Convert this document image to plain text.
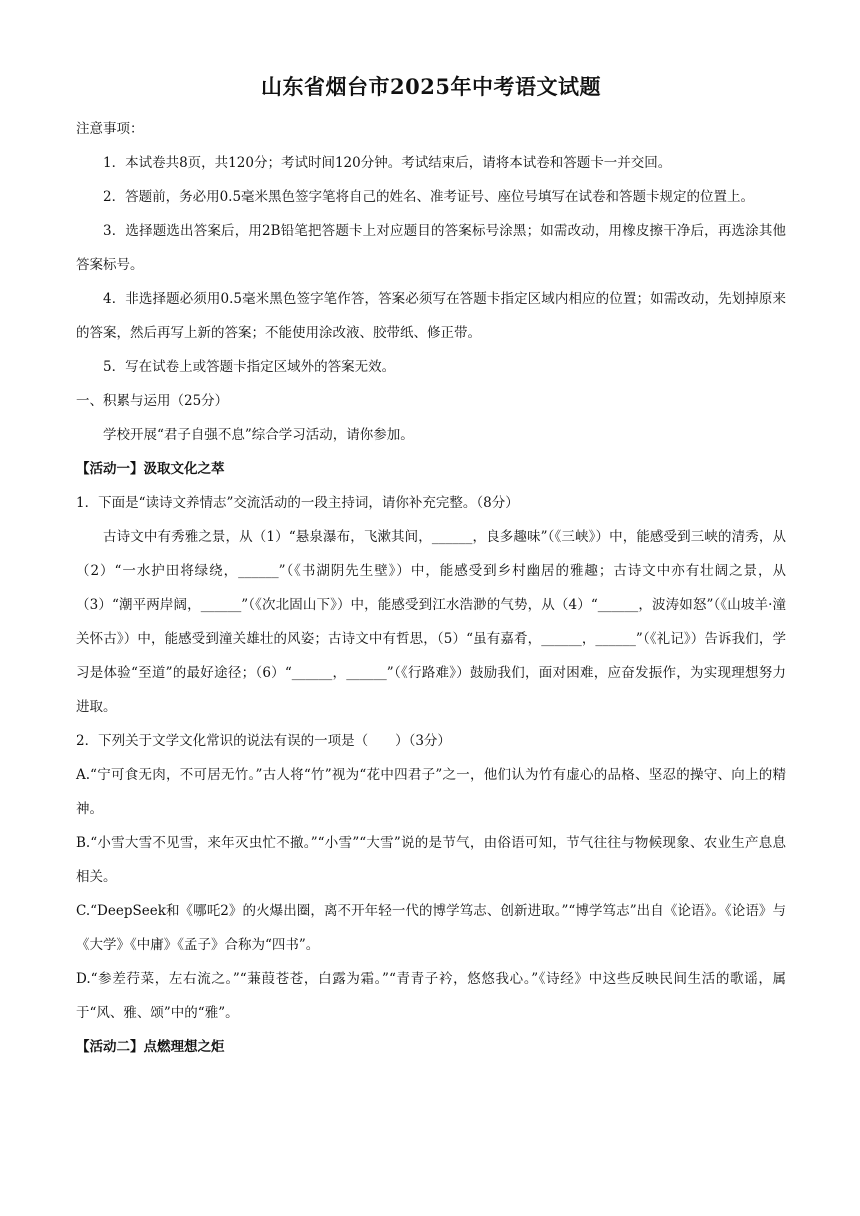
山东省烟台市2025年中考语文试题

注意事项：

1．本试卷共8页，共120分；考试时间120分钟。考试结束后，请将本试卷和答题卡一并交回。

2．答题前，务必用0.5毫米黑色签字笔将自己的姓名、准考证号、座位号填写在试卷和答题卡规定的位置上。

3．选择题选出答案后，用2B铅笔把答题卡上对应题目的答案标号涂黑；如需改动，用橡皮擦干净后，再选涂其他答案标号。

4．非选择题必须用0.5毫米黑色签字笔作答，答案必须写在答题卡指定区域内相应的位置；如需改动，先划掉原来的答案，然后再写上新的答案；不能使用涂改液、胶带纸、修正带。

5．写在试卷上或答题卡指定区域外的答案无效。

一、积累与运用（25分）

学校开展“君子自强不息”综合学习活动，请你参加。

【活动一】汲取文化之萃

1．下面是“读诗文养情志”交流活动的一段主持词，请你补充完整。（8分）

古诗文中有秀雅之景，从（1）“悬泉瀑布，飞漱其间，______，良多趣味”（《三峡》）中，能感受到三峡的清秀，从（2）“一水护田将绿绕，______”（《书湖阴先生壁》）中，能感受到乡村幽居的雅趣；古诗文中亦有壮阔之景，从（3）“潮平两岸阔，______”（《次北固山下》）中，能感受到江水浩渺的气势，从（4）“______，波涛如怒”（《山坡羊·潼关怀古》）中，能感受到潼关雄壮的风姿；古诗文中有哲思，（5）“虽有嘉肴，______，______”（《礼记》）告诉我们，学习是体验“至道”的最好途径；（6）“______，______”（《行路难》）鼓励我们，面对困难，应奋发振作，为实现理想努力进取。

2．下列关于文学文化常识的说法有误的一项是（　　）（3分）

A.“宁可食无肉，不可居无竹。”古人将“竹”视为“花中四君子”之一，他们认为竹有虚心的品格、坚忍的操守、向上的精神。

B.“小雪大雪不见雪，来年灭虫忙不撤。”“小雪”“大雪”说的是节气，由俗语可知，节气往往与物候现象、农业生产息息相关。

C.“DeepSeek和《哪吒2》的火爆出圈，离不开年轻一代的博学笃志、创新进取。”“博学笃志”出自《论语》。《论语》与《大学》《中庸》《孟子》合称为“四书”。

D.“参差荇菜，左右流之。”“蒹葭苍苍，白露为霜。”“青青子衿，悠悠我心。”《诗经》中这些反映民间生活的歌谣，属于“风、雅、颂”中的“雅”。

【活动二】点燃理想之炬
